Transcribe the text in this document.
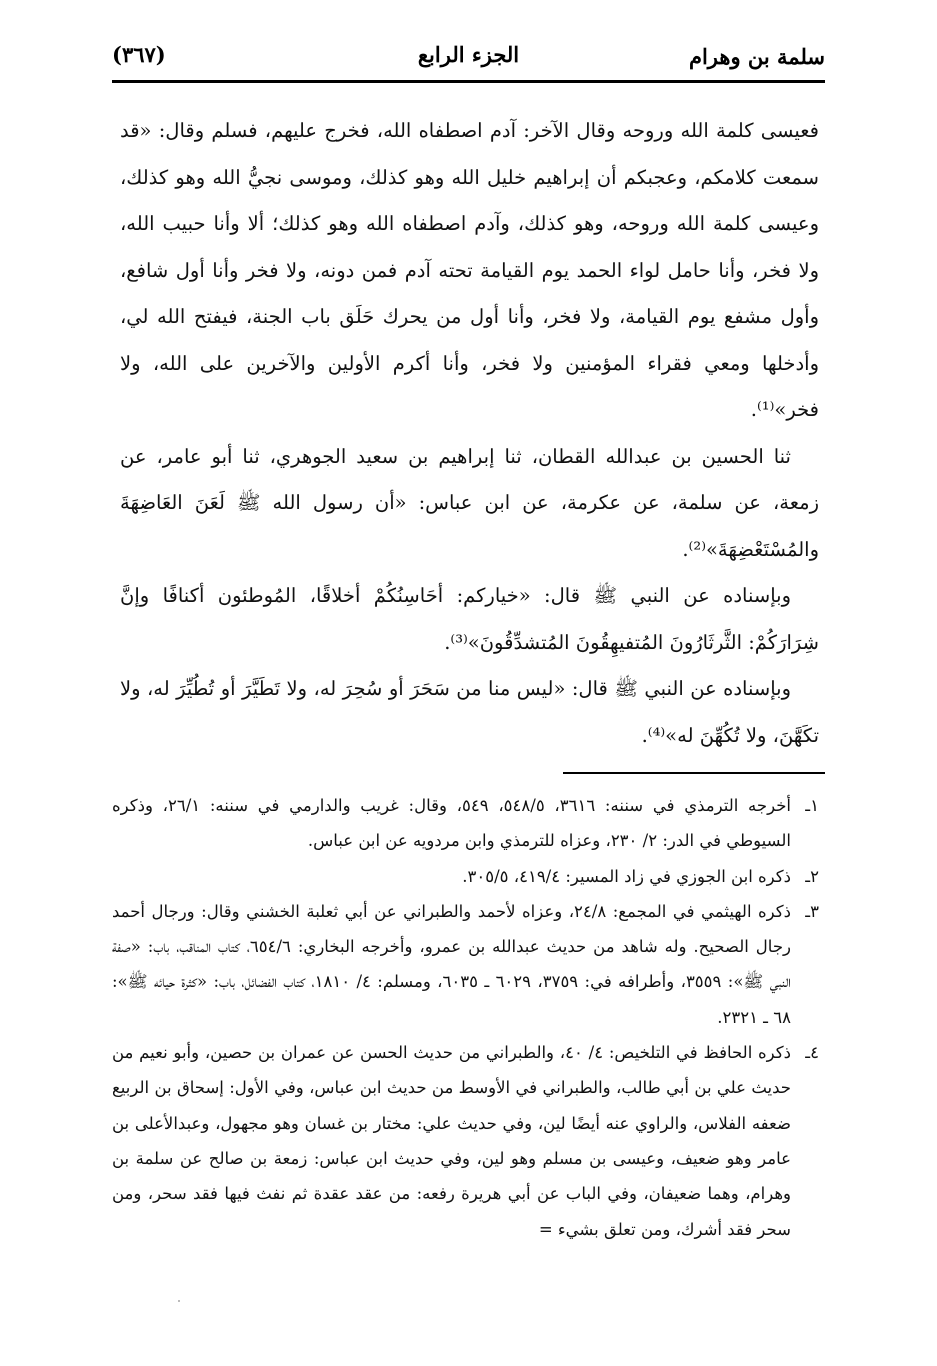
(٣٦٧)	الجزء الرابع	سلمة بن وهرام

فعيسى كلمة الله وروحه وقال الآخر: آدم اصطفاه الله، فخرج عليهم، فسلم وقال: «قد سمعت كلامكم، وعجبكم أن إبراهيم خليل الله وهو كذلك، وموسى نجيُّ الله وهو كذلك، وعيسى كلمة الله وروحه، وهو كذلك، وآدم اصطفاه الله وهو كذلك؛ ألا وأنا حبيب الله، ولا فخر، وأنا حامل لواء الحمد يوم القيامة تحته آدم فمن دونه، ولا فخر وأنا أول شافع، وأول مشفع يوم القيامة، ولا فخر، وأنا أول من يحرك حَلَق باب الجنة، فيفتح الله لي، وأدخلها ومعي فقراء المؤمنين ولا فخر، وأنا أكرم الأولين والآخرين على الله، ولا فخر»⁽¹⁾.

ثنا الحسين بن عبدالله القطان، ثنا إبراهيم بن سعيد الجوهري، ثنا أبو عامر، عن زمعة، عن سلمة، عن عكرمة، عن ابن عباس: «أن رسول الله ﷺ لَعَنَ العَاضِهَةَ والمُسْتَعْضِهَةَ»⁽²⁾.

وبإسناده عن النبي ﷺ قال: «خياركم: أحَاسِنُكُمْ أخلاقًا، المُوطئون أكنافًا وإنَّ شِرَارَكُمْ: الثَّرثَارُونَ المُتفيهِقُونَ المُتشدِّقُونَ»⁽³⁾.

وبإسناده عن النبي ﷺ قال: «ليس منا من سَحَرَ أو سُحِرَ له، ولا تَطَيَّرَ أو تُطُيِّرَ له، ولا تكَهَّنَ، ولا تُكُهِّنَ له»⁽⁴⁾.

١ـ
أخرجه الترمذي في سننه: ٣٦١٦، ٥٤٨/٥، ٥٤٩، وقال: غريب والدارمي في سننه: ٢٦/١، وذكره السيوطي في الدر: ٢/ ٢٣٠، وعزاه للترمذي وابن مردويه عن ابن عباس.
٢ـ
ذكره ابن الجوزي في زاد المسير: ٤١٩/٤، ٣٠٥/٥.
٣ـ
ذكره الهيثمي في المجمع: ٢٤/٨، وعزاه لأحمد والطبراني عن أبي ثعلبة الخشني وقال: ورجال أحمد رجال الصحيح. وله شاهد من حديث عبدالله بن عمرو، وأخرجه البخاري: ٦٥٤/٦، كتاب المناقب، باب: «صفة النبي ﷺ»: ٣٥٥٩، وأطرافه في: ٣٧٥٩، ٦٠٢٩ ـ ٦٠٣٥، ومسلم: ٤/ ١٨١٠، كتاب الفضائل، باب: «كثرة حيائه ﷺ»: ٦٨ ـ ٢٣٢١.
٤ـ
ذكره الحافظ في التلخيص: ٤/ ٤٠، والطبراني من حديث الحسن عن عمران بن حصين، وأبو نعيم من حديث علي بن أبي طالب، والطبراني في الأوسط من حديث ابن عباس، وفي الأول: إسحاق بن الربيع ضعفه الفلاس، والراوي عنه أيضًا لين، وفي حديث علي: مختار بن غسان وهو مجهول، وعبدالأعلى بن عامر وهو ضعيف، وعيسى بن مسلم وهو لين، وفي حديث ابن عباس: زمعة بن صالح عن سلمة بن وهرام، وهما ضعيفان، وفي الباب عن أبي هريرة رفعه: من عقد عقدة ثم نفث فيها فقد سحر، ومن سحر فقد أشرك، ومن تعلق بشيء =
